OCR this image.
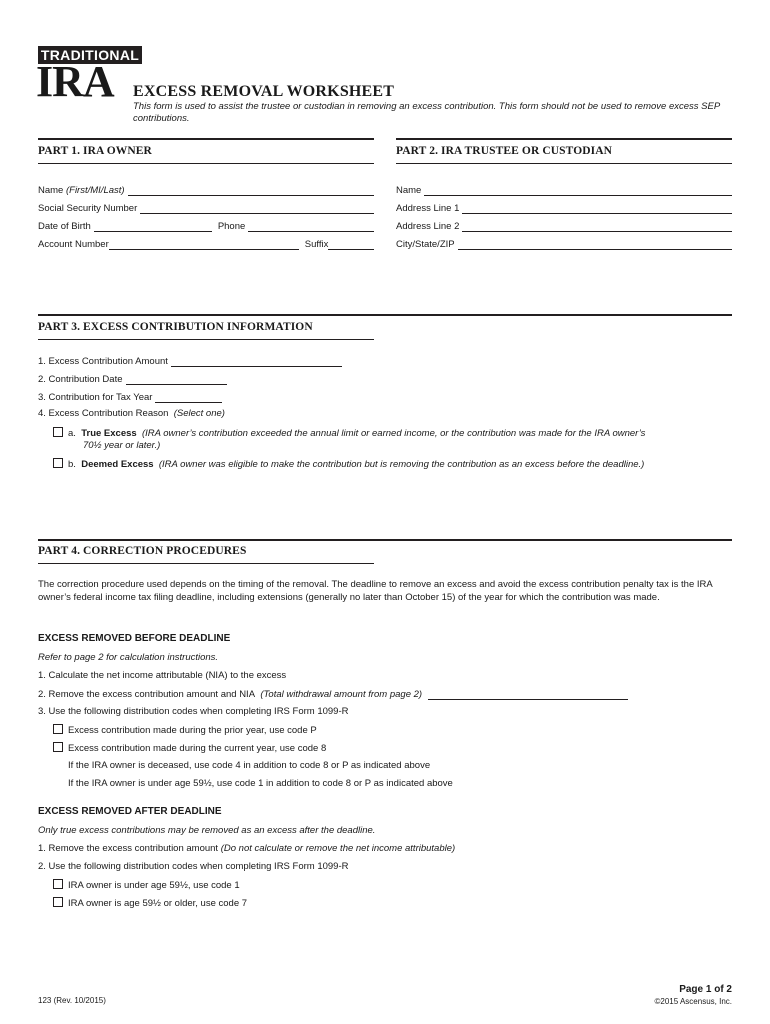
TRADITIONAL
IRA EXCESS REMOVAL WORKSHEET
This form is used to assist the trustee or custodian in removing an excess contribution. This form should not be used to remove excess SEP contributions.
PART 1. IRA OWNER	PART 2. IRA TRUSTEE OR CUSTODIAN
Name
(First/MI/Last)
Social Security Number
Date of Birth	Phone
Account Number	Suffix
Name
Address Line 1
Address Line 2
City/State/ZIP
PART 3. EXCESS CONTRIBUTION INFORMATION
1. Excess Contribution Amount
2. Contribution Date
3. Contribution for Tax Year
4. Excess Contribution Reason (Select one)
a. True Excess (IRA owner’s contribution exceeded the annual limit or earned income, or the contribution was made for the IRA owner’s
70½ year or later.)
b. Deemed Excess (IRA owner was eligible to make the contribution but is removing the contribution as an excess before the deadline.)
PART 4. CORRECTION PROCEDURES
The correction procedure used depends on the timing of the removal. The deadline to remove an excess and avoid the excess contribution penalty tax is the IRA owner’s federal income tax filing deadline, including extensions (generally no later than October 15) of the year for which the contribution was made.
EXCESS REMOVED BEFORE DEADLINE
Refer to page 2 for calculation instructions.
1. Calculate the net income attributable (NIA) to the excess
2. Remove the excess contribution amount and NIA
(Total withdrawal amount from page 2)
3. Use the following distribution codes when completing IRS Form 1099-R
Excess contribution made during the prior year, use code P
Excess contribution made during the current year, use code 8
If the IRA owner is deceased, use code 4 in addition to code 8 or P as indicated above
If the IRA owner is under age 59½, use code 1 in addition to code 8 or P as indicated above
EXCESS REMOVED AFTER DEADLINE
Only true excess contributions may be removed as an excess after the deadline.
1. Remove the excess contribution amount (Do not calculate or remove the net income attributable)
2. Use the following distribution codes when completing IRS Form 1099-R
IRA owner is under age 59½, use code 1
IRA owner is age 59½ or older, use code 7
123 (Rev. 10/2015)
Page 1 of 2
©2015 Ascensus, Inc.
